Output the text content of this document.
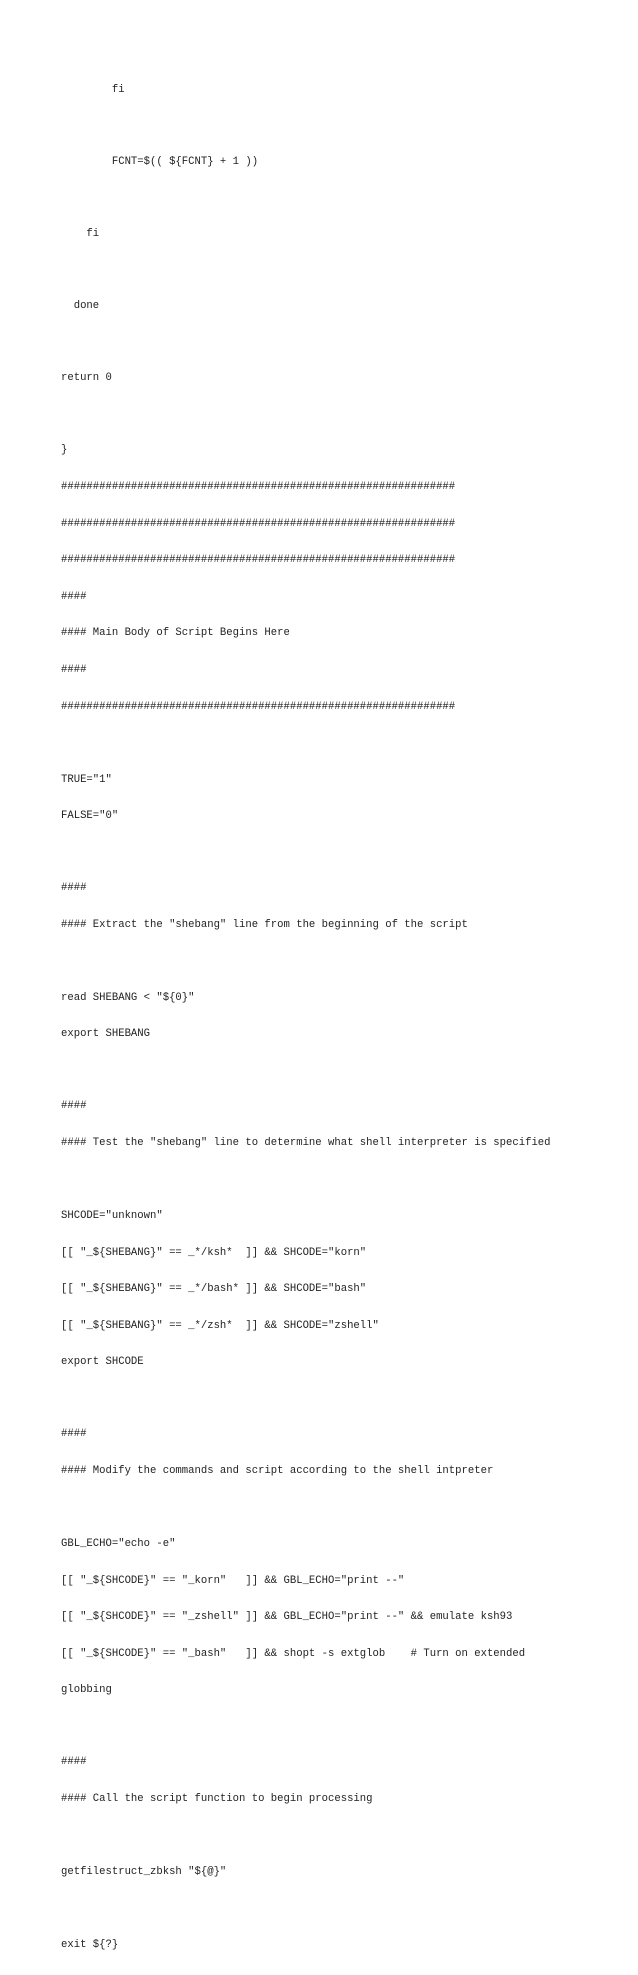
fi

FCNT=$(( ${FCNT} + 1 ))

fi

done

return 0

}

##############################################################

##############################################################

##############################################################

####

#### Main Body of Script Begins Here

####

##############################################################

TRUE="1"

FALSE="0"

####

#### Extract the "shebang" line from the beginning of the script

read SHEBANG < "${0}"

export SHEBANG

####

#### Test the "shebang" line to determine what shell interpreter is specified

SHCODE="unknown"

[[ "_${SHEBANG}" == _*/ksh*  ]] && SHCODE="korn"

[[ "_${SHEBANG}" == _*/bash* ]] && SHCODE="bash"

[[ "_${SHEBANG}" == _*/zsh*  ]] && SHCODE="zshell"

export SHCODE

####

#### Modify the commands and script according to the shell intpreter

GBL_ECHO="echo -e"

[[ "_${SHCODE}" == "_korn"   ]] && GBL_ECHO="print --"

[[ "_${SHCODE}" == "_zshell" ]] && GBL_ECHO="print --" && emulate ksh93

[[ "_${SHCODE}" == "_bash"   ]] && shopt -s extglob    # Turn on extended

globbing

####

#### Call the script function to begin processing

getfilestruct_zbksh "${@}"

exit ${?}
